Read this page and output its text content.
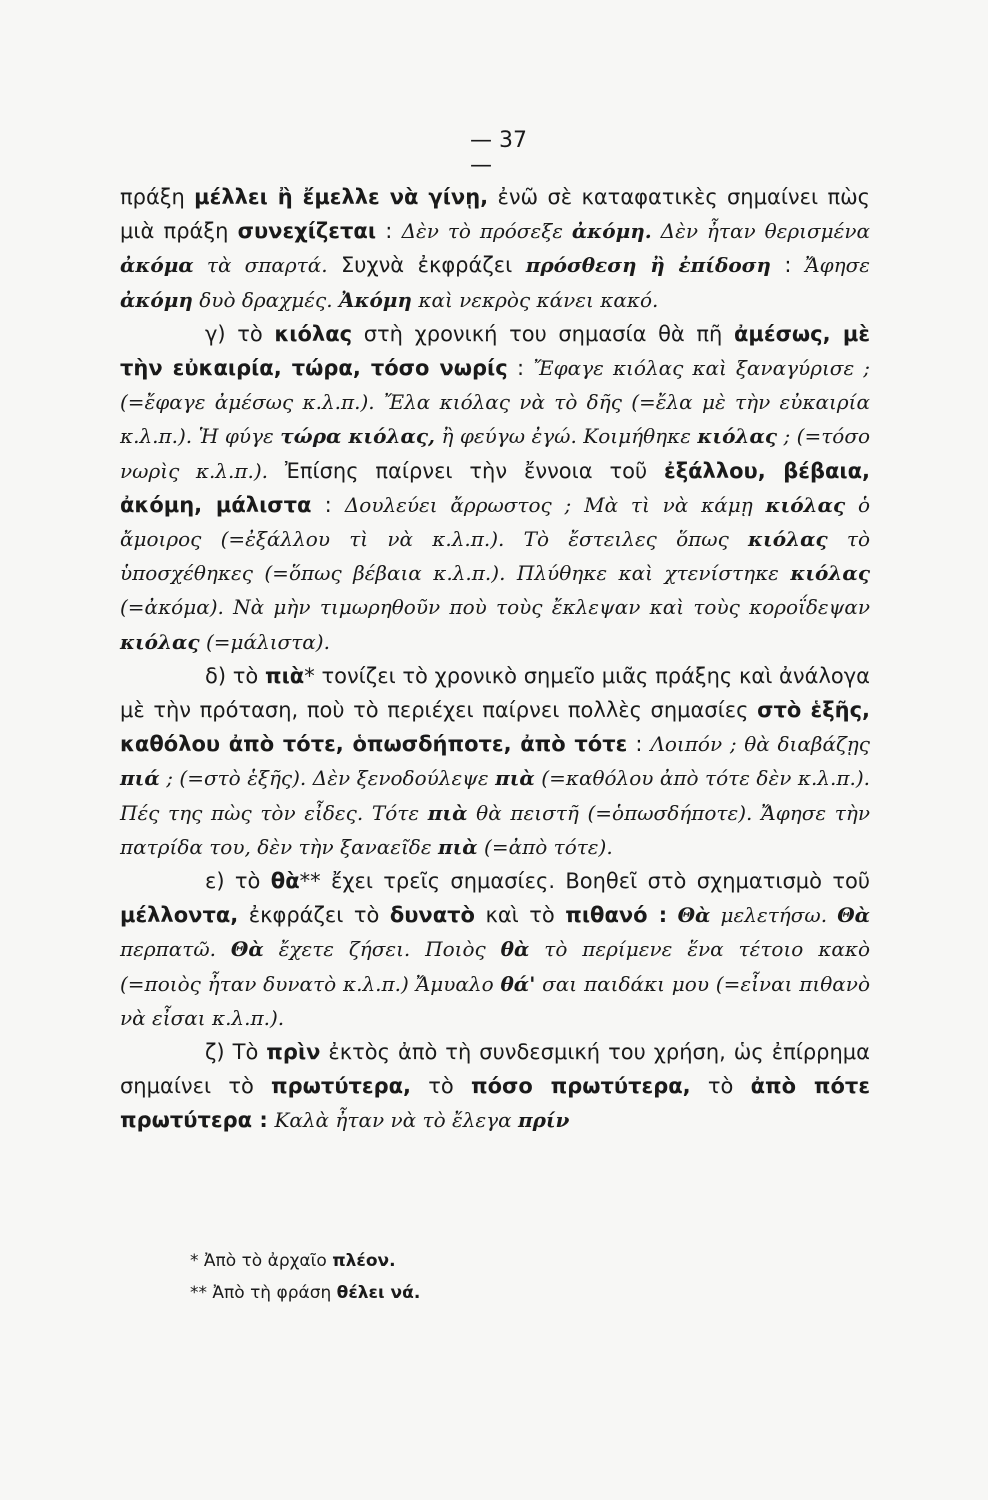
— 37 —

πράξη μέλλει ἢ ἔμελλε νὰ γίνῃ, ἐνῶ σὲ καταφατικὲς σημαίνει πὼς μιὰ πράξη συνεχίζεται : Δὲν τὸ πρόσεξε ἀκόμη. Δὲν ἦταν θερισμένα ἀκόμα τὰ σπαρτά. Συχνὰ ἐκφράζει πρόσθεση ἢ ἐπίδοση : Ἄφησε ἀκόμη δυὸ δραχμές. Ἀκόμη καὶ νεκρὸς κάνει κακό.

γ) τὸ κιόλας στὴ χρονική του σημασία θὰ πῆ ἀμέσως, μὲ τὴν εὐκαιρία, τώρα, τόσο νωρίς : Ἔφαγε κιόλας καὶ ξαναγύρισε ; (=ἔφαγε ἀμέσως κ.λ.π.). Ἔλα κιόλας νὰ τὸ δῆς (=ἔλα μὲ τὴν εὐκαιρία κ.λ.π.). Ἡ φύγε τώρα κιόλας, ἢ φεύγω ἐγώ. Κοιμήθηκε κιόλας ; (=τόσο νωρὶς κ.λ.π.). Ἐπίσης παίρνει τὴν ἔννοια τοῦ ἐξάλλου, βέβαια, ἀκόμη, μάλιστα : Δουλεύει ἄρρωστος ; Μὰ τὶ νὰ κάμῃ κιόλας ὁ ἄμοιρος (=ἐξάλλου τὶ νὰ κ.λ.π.). Τὸ ἔστειλες ὅπως κιόλας τὸ ὑποσχέθηκες (=ὅπως βέβαια κ.λ.π.). Πλύθηκε καὶ χτενίστηκε κιόλας (=ἀκόμα). Νὰ μὴν τιμωρηθοῦν ποὺ τοὺς ἔκλεψαν καὶ τοὺς κοροΐδεψαν κιόλας (=μάλιστα).

δ) τὸ πιὰ* τονίζει τὸ χρονικὸ σημεῖο μιᾶς πράξης καὶ ἀνάλογα μὲ τὴν πρόταση, ποὺ τὸ περιέχει παίρνει πολλὲς σημασίες στὸ ἑξῆς, καθόλου ἀπὸ τότε, ὁπωσδήποτε, ἀπὸ τότε : Λοιπόν ; θὰ διαβάζῃς πιά ; (=στὸ ἑξῆς). Δὲν ξενοδούλεψε πιὰ (=καθόλου ἀπὸ τότε δὲν κ.λ.π.). Πές της πὼς τὸν εἶδες. Τότε πιὰ θὰ πειστῆ (=ὁπωσδήποτε). Ἄφησε τὴν πατρίδα του, δὲν τὴν ξαναεῖδε πιὰ (=ἀπὸ τότε).

ε) τὸ θὰ** ἔχει τρεῖς σημασίες. Βοηθεῖ στὸ σχηματισμὸ τοῦ μέλλοντα, ἐκφράζει τὸ δυνατὸ καὶ τὸ πιθανό : Θὰ μελετήσω. Θὰ περπατῶ. Θὰ ἔχετε ζήσει. Ποιὸς θὰ τὸ περίμενε ἕνα τέτοιο κακὸ (=ποιὸς ἦταν δυνατὸ κ.λ.π.) Ἄμυαλο θά' σαι παιδάκι μου (=εἶναι πιθανὸ νὰ εἶσαι κ.λ.π.).

ζ) Τὸ πρὶν ἐκτὸς ἀπὸ τὴ συνδεσμική του χρήση, ὡς ἐπίρρημα σημαίνει τὸ πρωτύτερα, τὸ πόσο πρωτύτερα, τὸ ἀπὸ πότε πρωτύτερα : Καλὰ ἦταν νὰ τὸ ἔλεγα πρίν

* Ἀπὸ τὸ ἀρχαῖο πλέον.
** Ἀπὸ τὴ φράση θέλει νά.
